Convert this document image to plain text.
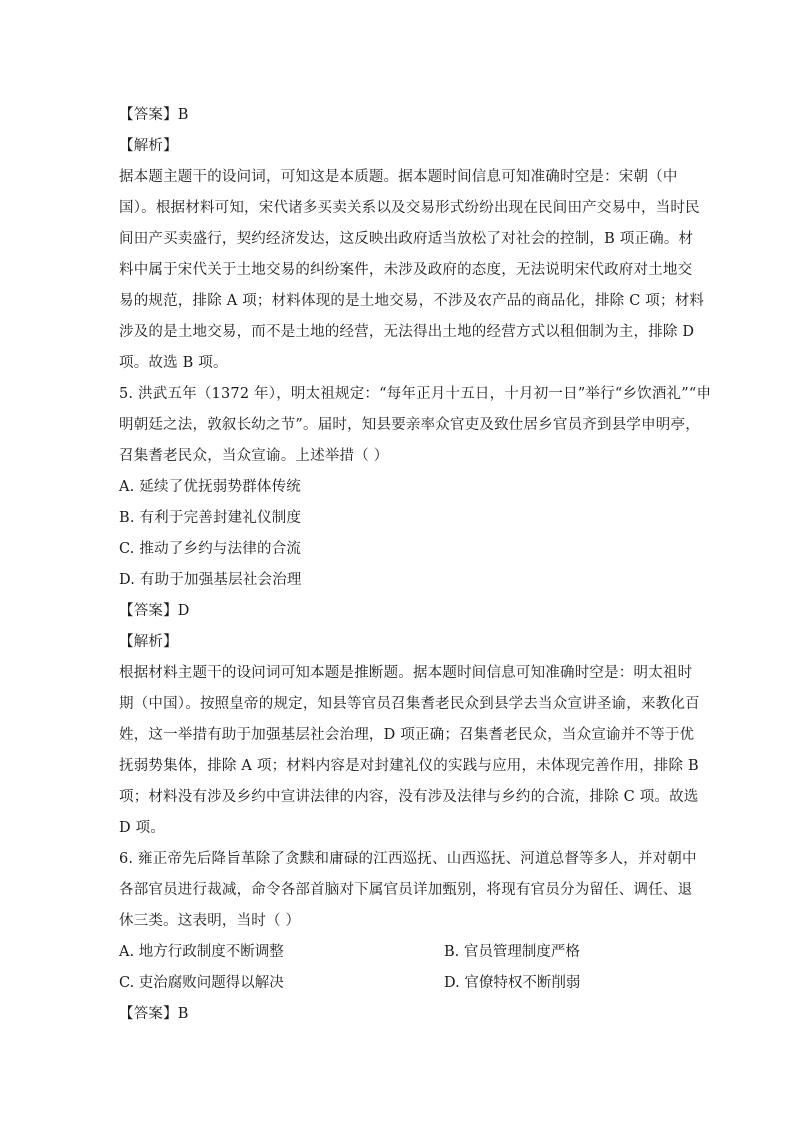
【答案】B
【解析】
据本题主题干的设问词，可知这是本质题。据本题时间信息可知准确时空是：宋朝（中
国）。根据材料可知，宋代诸多买卖关系以及交易形式纷纷出现在民间田产交易中，当时民
间田产买卖盛行，契约经济发达，这反映出政府适当放松了对社会的控制，B 项正确。材
料中属于宋代关于土地交易的纠纷案件，未涉及政府的态度，无法说明宋代政府对土地交
易的规范，排除 A 项；材料体现的是土地交易，不涉及农产品的商品化，排除 C 项；材料
涉及的是土地交易，而不是土地的经营，无法得出土地的经营方式以租佃制为主，排除 D
项。故选 B 项。
5. 洪武五年（1372 年），明太祖规定：“每年正月十五日，十月初一日”举行“乡饮酒礼”“申
明朝廷之法，敦叙长幼之节”。届时，知县要亲率众官吏及致仕居乡官员齐到县学申明亭，
召集耆老民众，当众宣谕。上述举措（ ）
A. 延续了优抚弱势群体传统
B. 有利于完善封建礼仪制度
C. 推动了乡约与法律的合流
D. 有助于加强基层社会治理
【答案】D
【解析】
根据材料主题干的设问词可知本题是推断题。据本题时间信息可知准确时空是：明太祖时
期（中国）。按照皇帝的规定，知县等官员召集耆老民众到县学去当众宣讲圣谕，来教化百
姓，这一举措有助于加强基层社会治理，D 项正确；召集耆老民众，当众宣谕并不等于优
抚弱势集体，排除 A 项；材料内容是对封建礼仪的实践与应用，未体现完善作用，排除 B
项；材料没有涉及乡约中宣讲法律的内容，没有涉及法律与乡约的合流，排除 C 项。故选
D 项。
6. 雍正帝先后降旨革除了贪黩和庸碌的江西巡抚、山西巡抚、河道总督等多人，并对朝中
各部官员进行裁减，命令各部首脑对下属官员详加甄别，将现有官员分为留任、调任、退
休三类。这表明，当时（ ）
A. 地方行政制度不断调整	B. 官员管理制度严格
C. 吏治腐败问题得以解决	D. 官僚特权不断削弱
【答案】B
